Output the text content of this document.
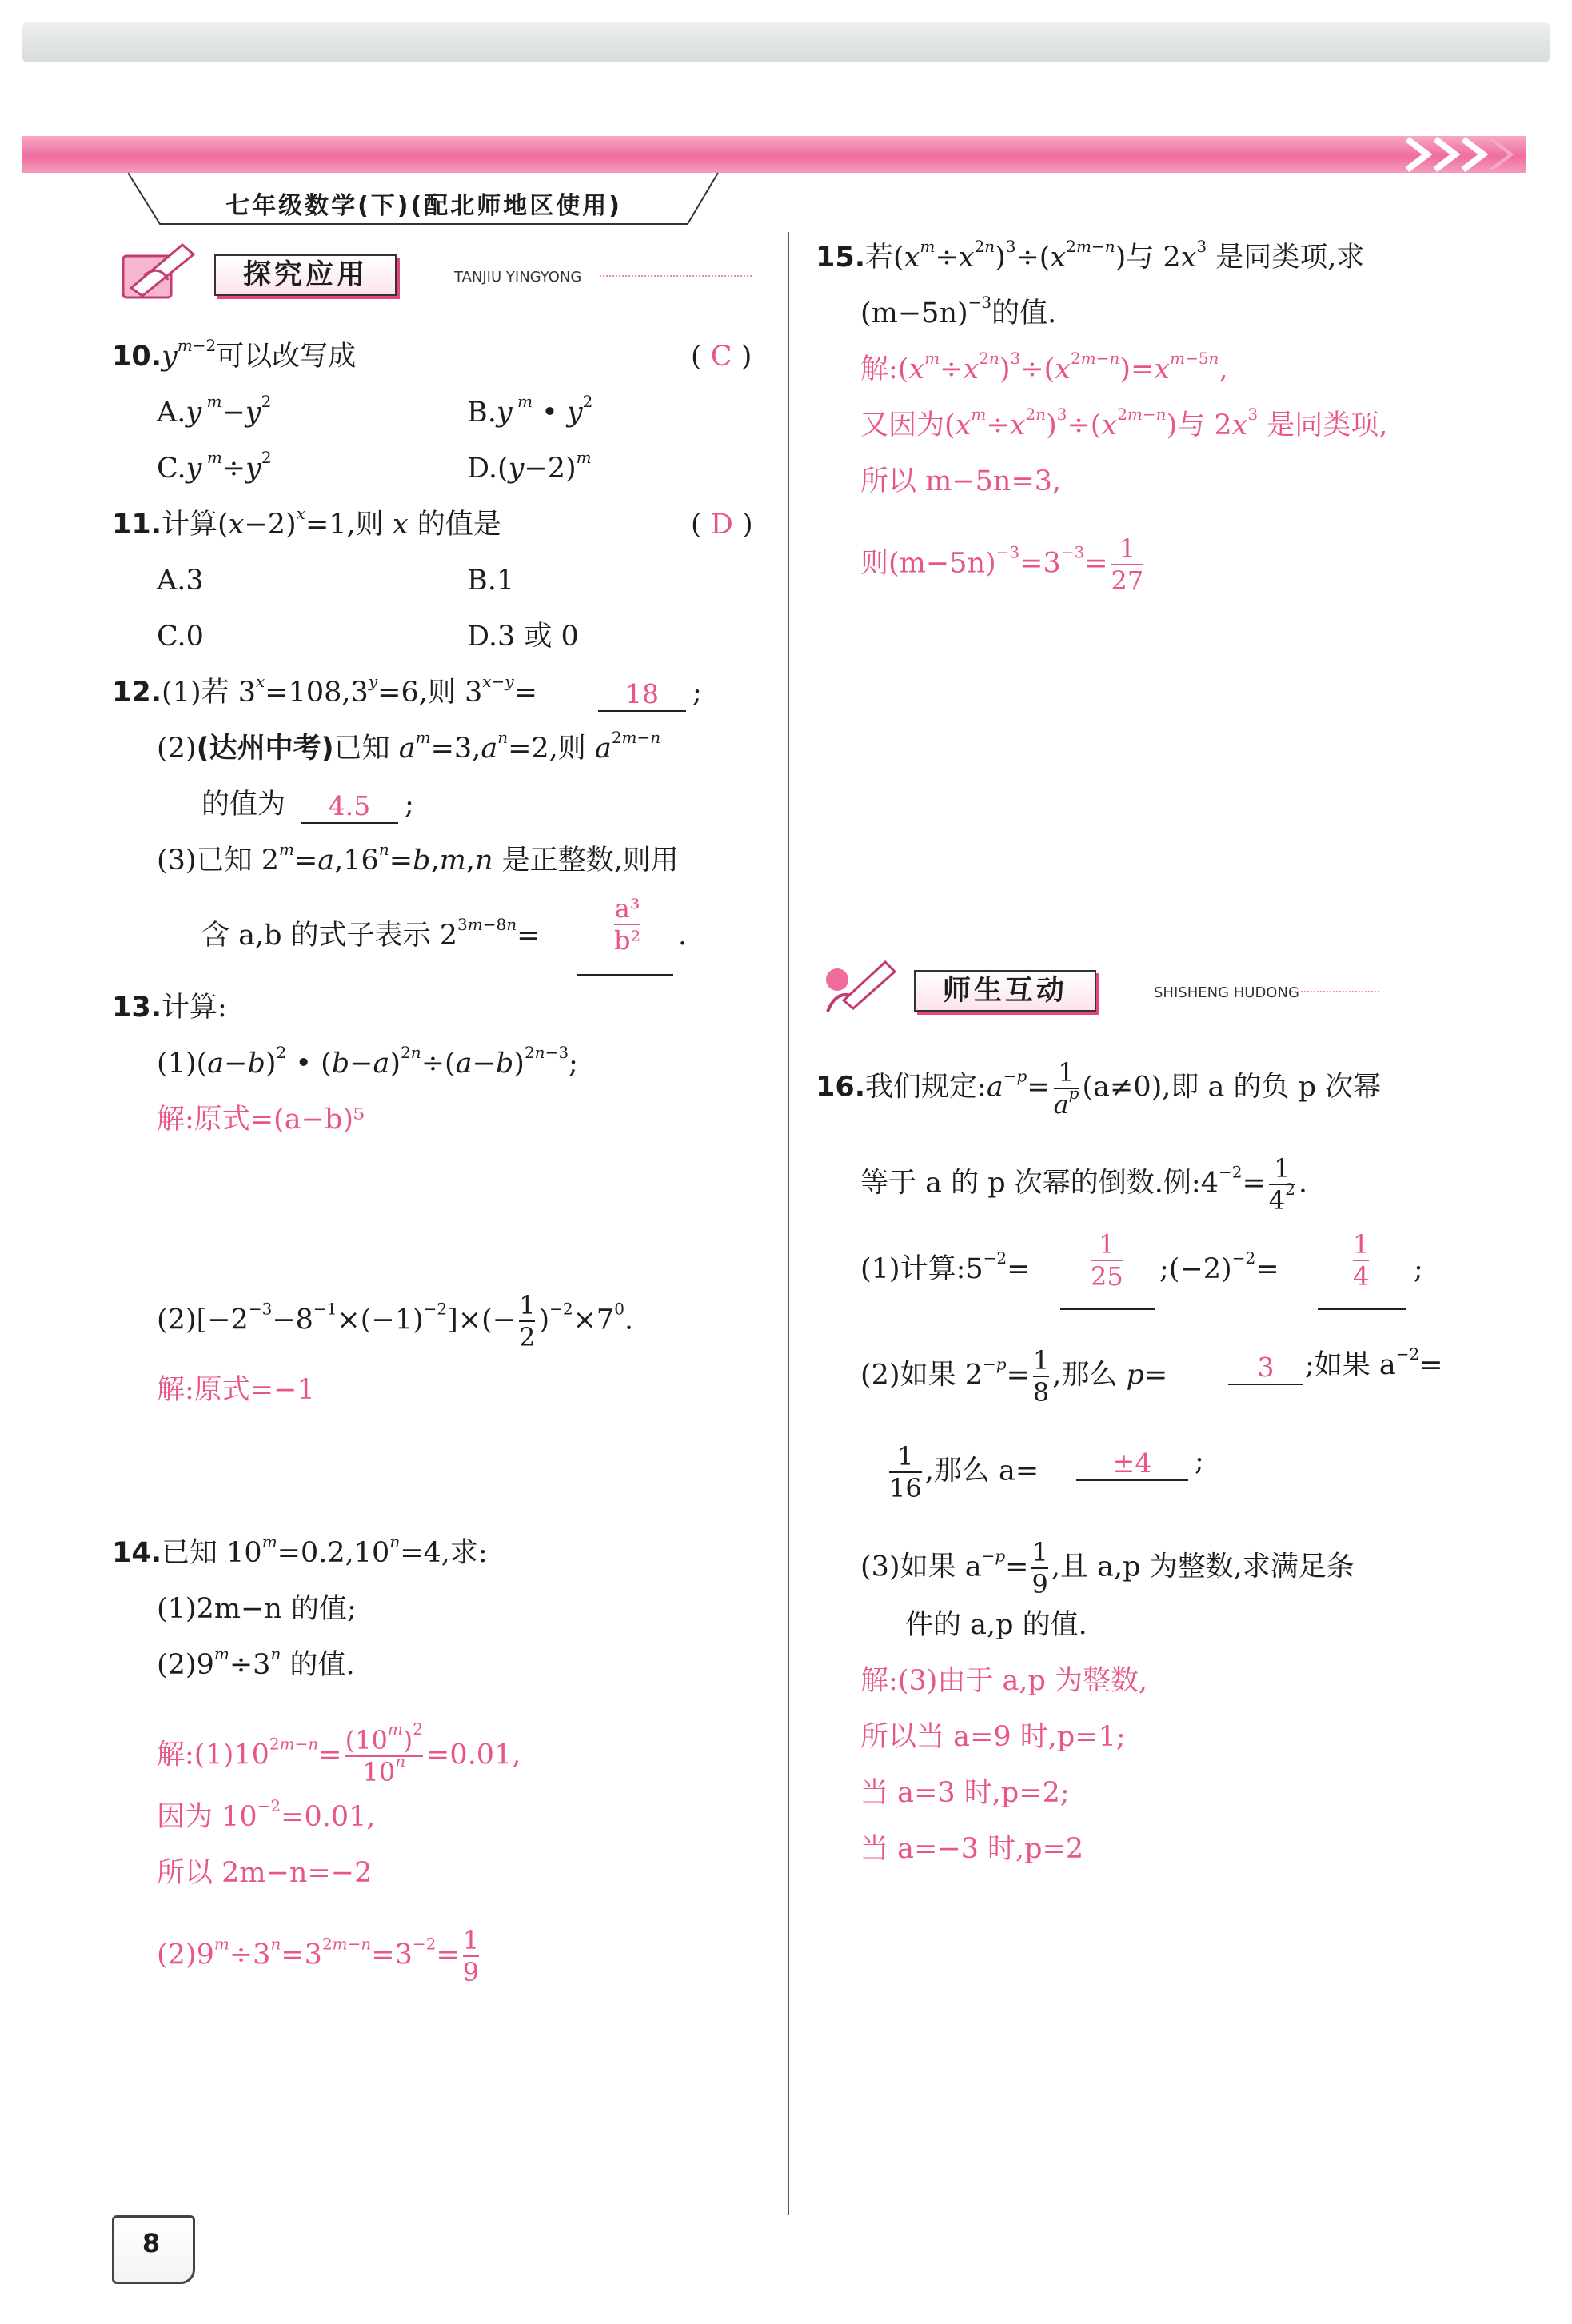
七年级数学(下)(配北师地区使用)
探究应用	TANJIU YINGYONG
$10.y^{m-2}$可以改写成	( C )
A.y $^m-y^2$	B.y $^m$ • $y^2$
C.y $^m\div y^2$	$D.(y-2)^m$
11.计算$(x-2)^x=1$,则 x 的值是	( D )
A.3	B.1
C.0	D.3 或 0
12.(1)若 $3^x=108,3^y=6$,则 $3^{x-y}=$	18	;
(2)(达州中考)已知 $a^m=3,a^n=2$,则 $a^{2m-n}$
的值为	4.5	;
(3)已知 $2^m=a,16^n=b,m,n$ 是正整数,则用
含 a,b 的式子表示 $2^{3m-8n}=$
a³
b² .
13.计算:
$(1)(a-b)^2$ • $(b-a)^{2n}\div(a-b)^{2n-3}$;
解:原式=(a−b)⁵
$(2)[-2^{-3}-8^{-1}\times(-1)^{-2}]\times(- \frac{1}{2} )^{-2}\times 7^0$.
解:原式=−1
14.已知 $10^m=0.2,10^n=4$,求:
(1)2m−n 的值;
$(2)9^m\div 3^n$ 的值.
解$:(1)10^{2m-n}= \frac{(10^m)^2}{10^n} =0.01$,
因为 $10^{-2}=0.01$,
所以 2m−n=−2
$(2)9^m\div 3^n=3^{2m-n}=3^{-2}= \frac{1}{9}$
15.若$(x^m\div x^{2n})^3\div(x^{2m-n})$与 $2x^3$ 是同类项,求
$(m-5n)^{-3}$的值.
解$:(x^m\div x^{2n})^3\div(x^{2m-n})=x^{m-5n}$,
又因为$(x^m\div x^{2n})^3\div(x^{2m-n})$与 $2x^3$ 是同类项,
所以 m−5n=3,
则$(m-5n)^{-3}=3^{-3}= \frac{1}{27}$
师生互动	SHISHENG HUDONG
16.我们规定$:a^{-p}= \frac{1}{a^p} (a\ne 0)$,即 a 的负 p 次幂
等于 a 的 p 次幂的倒数.例$:4^{-2}= \frac{1}{4^2}$ .
(1)计算$:5^{-2}=$
1
25 $;(-2)^{-2}=$
1
4 ;
(2)如果 $2^{-p}= \frac{1}{8}$ ,那么 p=	3	;如果 $a^{-2}=$
$\frac{1}{16}$ ,那么 a=	±4	;
(3)如果 $a^{-p}= \frac{1}{9}$ ,且 a,p 为整数,求满足条
件的 a,p 的值.
解:(3)由于 a,p 为整数,
所以当 a=9 时,p=1;
当 a=3 时,p=2;
当 a=−3 时,p=2
8
